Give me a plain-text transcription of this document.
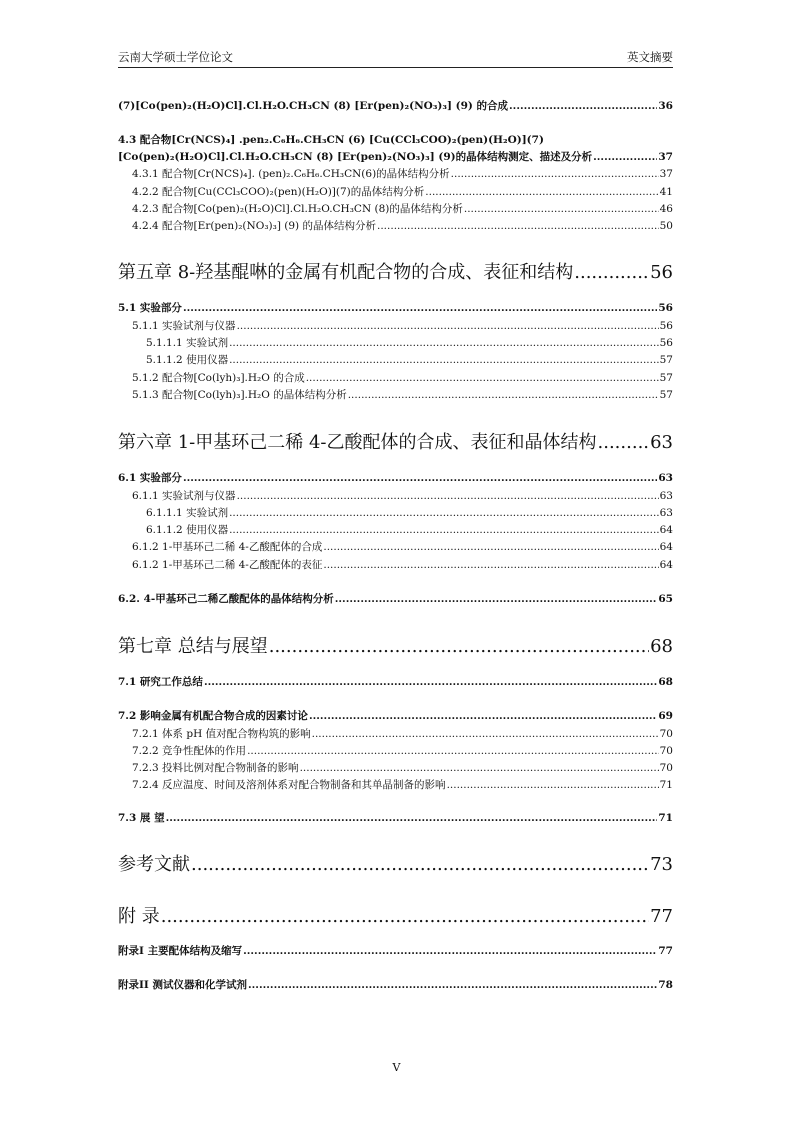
云南大学硕士学位论文	英文摘要
(7)[Co(pen)₂(H₂O)Cl].Cl.H₂O.CH₃CN (8) [Er(pen)₂(NO₃)₃] (9) 的合成 .....	36
4.3 配合物[Cr(NCS)₄] .pen₂.C₆H₆.CH₃CN (6) [Cu(CCl₃COO)₂(pen)(H₂O)](7)
[Co(pen)₂(H₂O)Cl].Cl.H₂O.CH₃CN (8) [Er(pen)₂(NO₃)₃] (9)的晶体结构测定、描述及分析 .....	37
4.3.1 配合物[Cr(NCS)₄]. (pen)₂.C₆H₆.CH₃CN(6)的晶体结构分析 .....	37
4.2.2 配合物[Cu(CCl₃COO)₂(pen)(H₂O)](7)的晶体结构分析 .....	41
4.2.3 配合物[Co(pen)₂(H₂O)Cl].Cl.H₂O.CH₃CN (8)的晶体结构分析 .....	46
4.2.4 配合物[Er(pen)₂(NO₃)₃] (9) 的晶体结构分析 .....	50
第五章 8-羟基醌啉的金属有机配合物的合成、表征和结构 .....	56
5.1 实验部分 .....	56
5.1.1 实验试剂与仪器 .....	56
5.1.1.1 实验试剂 .....	56
5.1.1.2 使用仪器 .....	57
5.1.2 配合物[Co(lyh)₃].H₂O 的合成 .....	57
5.1.3 配合物[Co(lyh)₃].H₂O 的晶体结构分析 .....	57
第六章 1-甲基环己二稀 4-乙酸配体的合成、表征和晶体结构 .....	63
6.1 实验部分 .....	63
6.1.1 实验试剂与仪器 .....	63
6.1.1.1 实验试剂 .....	63
6.1.1.2 使用仪器 .....	64
6.1.2 1-甲基环己二稀 4-乙酸配体的合成 .....	64
6.1.2 1-甲基环己二稀 4-乙酸配体的表征 .....	64
6.2. 4-甲基环己二稀乙酸配体的晶体结构分析 .....	65
第七章 总结与展望 .....	68
7.1 研究工作总结 .....	68
7.2 影响金属有机配合物合成的因素讨论 .....	69
7.2.1 体系 pH 值对配合物构筑的影响 .....	70
7.2.2 竞争性配体的作用 .....	70
7.2.3 投料比例对配合物制备的影响 .....	70
7.2.4 反应温度、时间及溶剂体系对配合物制备和其单晶制备的影响 .....	71
7.3 展 望 .....	71
参考文献 .....	73
附 录 .....	77
附录I 主要配体结构及缩写 .....	77
附录II 测试仪器和化学试剂 .....	78
V
